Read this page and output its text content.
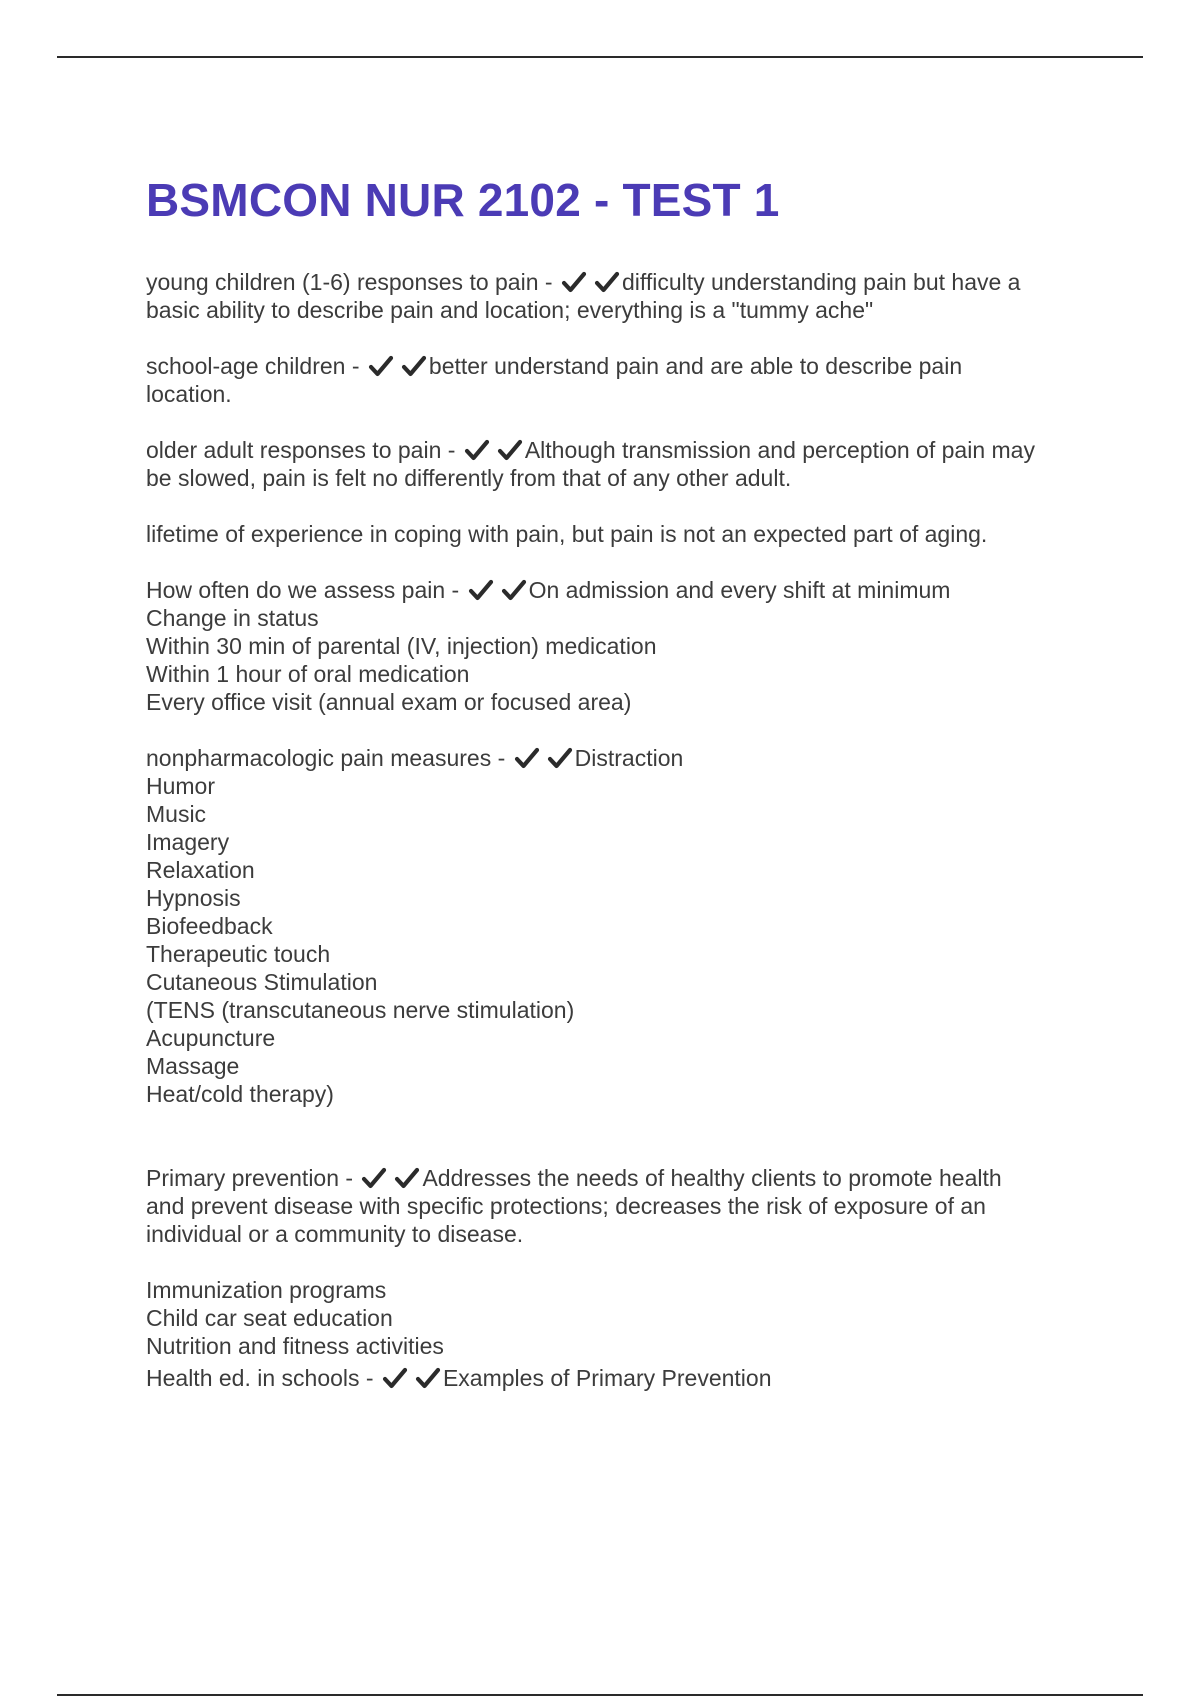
BSMCON NUR 2102 - TEST 1
young children (1-6) responses to pain -	difficulty understanding pain but have a
basic ability to describe pain and location; everything is a "tummy ache"
school-age children -	better understand pain and are able to describe pain
location.
older adult responses to pain -	Although transmission and perception of pain may
be slowed, pain is felt no differently from that of any other adult.
lifetime of experience in coping with pain, but pain is not an expected part of aging.
How often do we assess pain -	On admission and every shift at minimum
Change in status
Within 30 min of parental (IV, injection) medication
Within 1 hour of oral medication
Every office visit (annual exam or focused area)
nonpharmacologic pain measures -	Distraction
Humor
Music
Imagery
Relaxation
Hypnosis
Biofeedback
Therapeutic touch
Cutaneous Stimulation
(TENS (transcutaneous nerve stimulation)
Acupuncture
Massage
Heat/cold therapy)
Primary prevention -	Addresses the needs of healthy clients to promote health
and prevent disease with specific protections; decreases the risk of exposure of an
individual or a community to disease.
Immunization programs
Child car seat education
Nutrition and fitness activities
Health ed. in schools -	Examples of Primary Prevention
